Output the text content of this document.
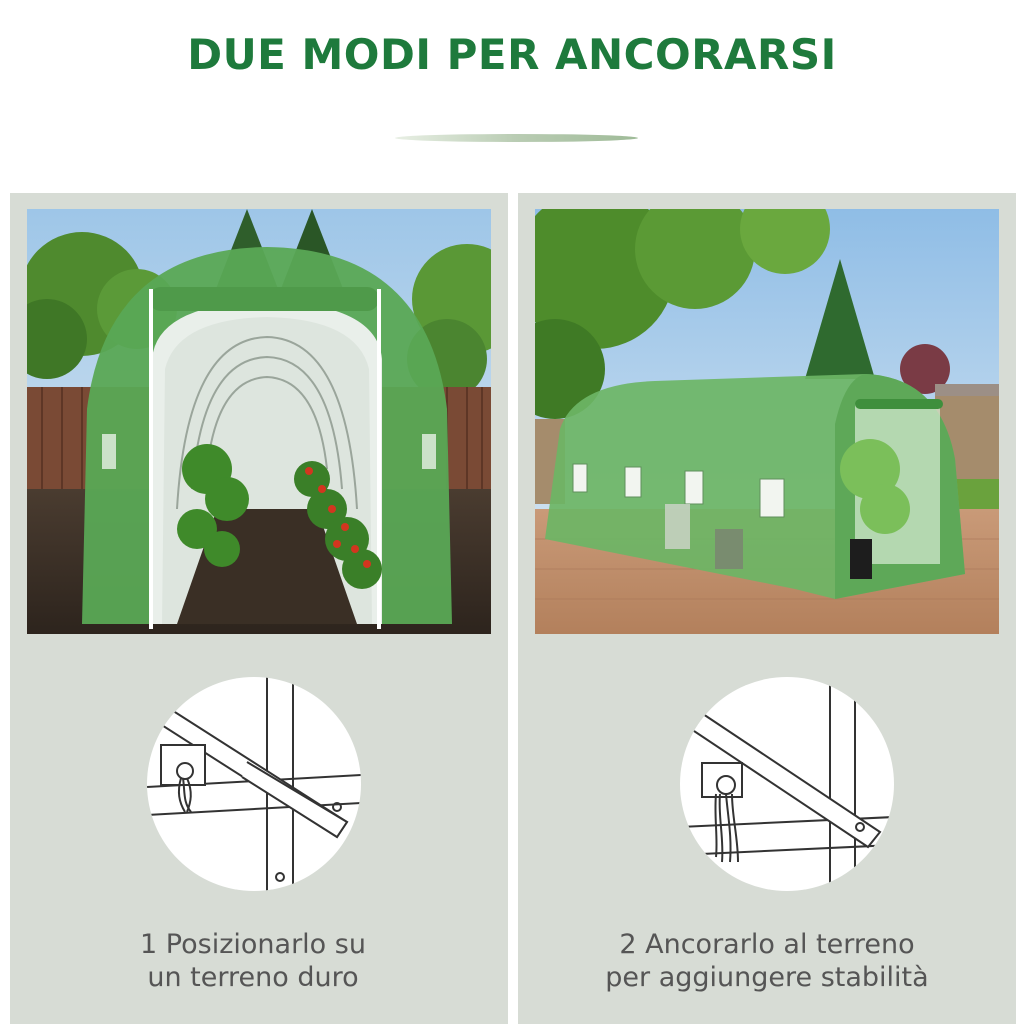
DUE MODI PER ANCORARSI
1 Posizionarlo su
un terreno duro
2 Ancorarlo al terreno
per aggiungere stabilità
